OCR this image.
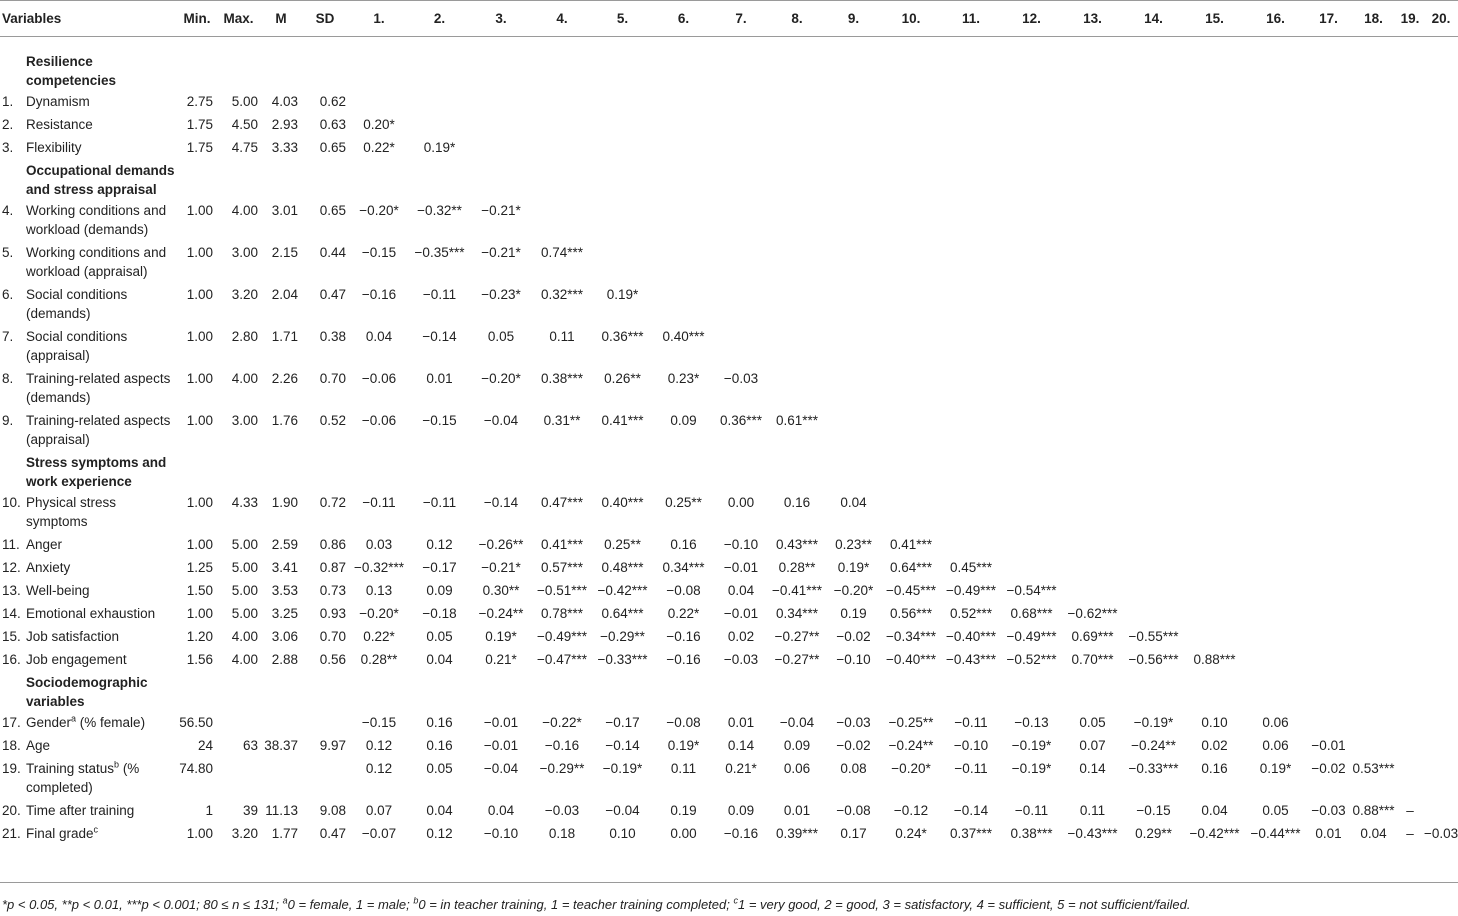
Variables		Min.	Max.	M	SD	1.	2.	3.	4.	5.	6.	7.	8.	9.	10.	11.	12.	13.	14.	15.	16.	17.	18.	19.	20.
	Resilience competencies																								
1.	Dynamism	2.75	5.00	4.03	0.62																				
2.	Resistance	1.75	4.50	2.93	0.63	0.20*																			
3.	Flexibility	1.75	4.75	3.33	0.65	0.22*	0.19*																		
	Occupational demands and stress appraisal																								
4.	Working conditions and workload (demands)	1.00	4.00	3.01	0.65	−0.20*	−0.32**	−0.21*																	
5.	Working conditions and workload (appraisal)	1.00	3.00	2.15	0.44	−0.15	−0.35***	−0.21*	0.74***																
6.	Social conditions (demands)	1.00	3.20	2.04	0.47	−0.16	−0.11	−0.23*	0.32***	0.19*															
7.	Social conditions (appraisal)	1.00	2.80	1.71	0.38	0.04	−0.14	0.05	0.11	0.36***	0.40***														
8.	Training-related aspects (demands)	1.00	4.00	2.26	0.70	−0.06	0.01	−0.20*	0.38***	0.26**	0.23*	−0.03													
9.	Training-related aspects (appraisal)	1.00	3.00	1.76	0.52	−0.06	−0.15	−0.04	0.31**	0.41***	0.09	0.36***	0.61***												
	Stress symptoms and work experience																								
10.	Physical stress symptoms	1.00	4.33	1.90	0.72	−0.11	−0.11	−0.14	0.47***	0.40***	0.25**	0.00	0.16	0.04											
11.	Anger	1.00	5.00	2.59	0.86	0.03	0.12	−0.26**	0.41***	0.25**	0.16	−0.10	0.43***	0.23**	0.41***										
12.	Anxiety	1.25	5.00	3.41	0.87	−0.32***	−0.17	−0.21*	0.57***	0.48***	0.34***	−0.01	0.28**	0.19*	0.64***	0.45***									
13.	Well-being	1.50	5.00	3.53	0.73	0.13	0.09	0.30**	−0.51***	−0.42***	−0.08	0.04	−0.41***	−0.20*	−0.45***	−0.49***	−0.54***								
14.	Emotional exhaustion	1.00	5.00	3.25	0.93	−0.20*	−0.18	−0.24**	0.78***	0.64***	0.22*	−0.01	0.34***	0.19	0.56***	0.52***	0.68***	−0.62***							
15.	Job satisfaction	1.20	4.00	3.06	0.70	0.22*	0.05	0.19*	−0.49***	−0.29**	−0.16	0.02	−0.27**	−0.02	−0.34***	−0.40***	−0.49***	0.69***	−0.55***						
16.	Job engagement	1.56	4.00	2.88	0.56	0.28**	0.04	0.21*	−0.47***	−0.33***	−0.16	−0.03	−0.27**	−0.10	−0.40***	−0.43***	−0.52***	0.70***	−0.56***	0.88***					
	Sociodemographic variables																								
17.	Gender$^a$ (% female)	56.50				−0.15	0.16	−0.01	−0.22*	−0.17	−0.08	0.01	−0.04	−0.03	−0.25**	−0.11	−0.13	0.05	−0.19*	0.10	0.06				
18.	Age	24	63	38.37	9.97	0.12	0.16	−0.01	−0.16	−0.14	0.19*	0.14	0.09	−0.02	−0.24**	−0.10	−0.19*	0.07	−0.24**	0.02	0.06	−0.01			
19.	Training status$^b$ (% completed)	74.80				0.12	0.05	−0.04	−0.29**	−0.19*	0.11	0.21*	0.06	0.08	−0.20*	−0.11	−0.19*	0.14	−0.33***	0.16	0.19*	−0.02	0.53***		
20.	Time after training	1	39	11.13	9.08	0.07	0.04	0.04	−0.03	−0.04	0.19	0.09	0.01	−0.08	−0.12	−0.14	−0.11	0.11	−0.15	0.04	0.05	−0.03	0.88***	–	
21.	Final grade$^c$	1.00	3.20	1.77	0.47	−0.07	0.12	−0.10	0.18	0.10	0.00	−0.16	0.39***	0.17	0.24*	0.37***	0.38***	−0.43***	0.29**	−0.42***	−0.44***	0.01	0.04	–	−0.03
*p < 0.05, **p < 0.01, ***p < 0.001; 80 ≤ n ≤ 131; $^a$0 = female, 1 = male; $^b$0 = in teacher training, 1 = teacher training completed; $^c$1 = very good, 2 = good, 3 = satisfactory, 4 = sufficient, 5 = not sufficient/failed.
